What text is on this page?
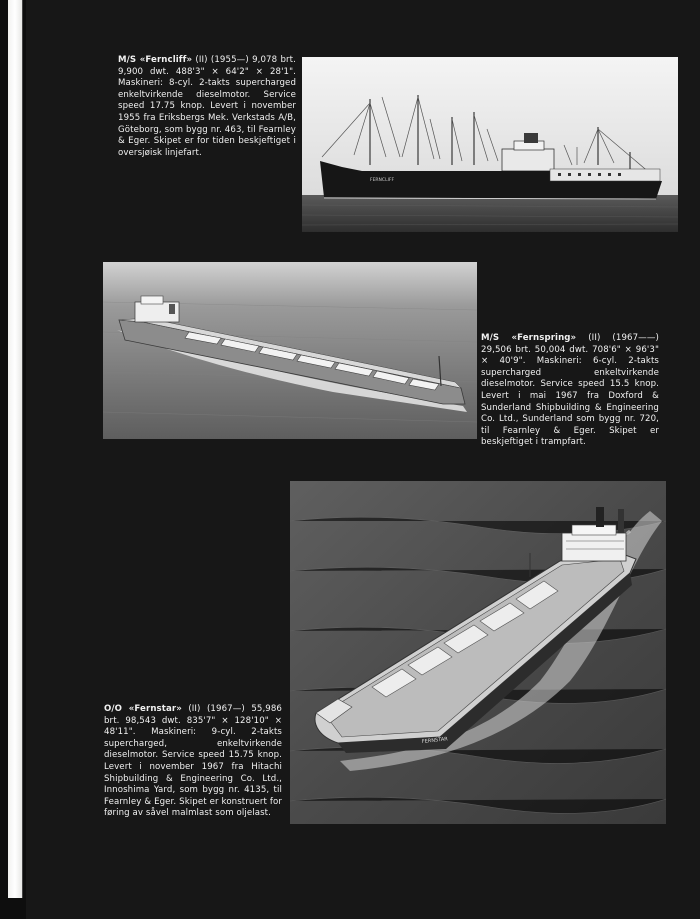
M/S «Ferncliff» (II) (1955—) 9,078 brt. 9,900 dwt. 488'3" × 64'2" × 28'1". Maskineri: 8-cyl. 2-takts supercharged enkeltvirkende dieselmotor. Service speed 17.75 knop. Levert i november 1955 fra Eriksbergs Mek. Verkstads A/B, Göteborg, som bygg nr. 463, til Fearnley & Eger. Skipet er for tiden beskjeftiget i oversjøisk linjefart.
FERNCLIFF
M/S «Fernspring» (II) (1967——) 29,506 brt. 50,004 dwt. 708'6" × 96'3" × 40'9". Maskineri: 6-cyl. 2-takts supercharged enkeltvirkende dieselmotor. Service speed 15.5 knop. Levert i mai 1967 fra Doxford & Sunderland Shipbuilding & Engineering Co. Ltd., Sunderland som bygg nr. 720, til Fearnley & Eger. Skipet er beskjeftiget i trampfart.
FERNSTAR
O/O «Fernstar» (II) (1967—) 55,986 brt. 98,543 dwt. 835'7" × 128'10" × 48'11". Maskineri: 9-cyl. 2-takts supercharged, enkeltvirkende dieselmotor. Service speed 15.75 knop. Levert i november 1967 fra Hitachi Shipbuilding & Engineering Co. Ltd., Innoshima Yard, som bygg nr. 4135, til Fearnley & Eger. Skipet er konstruert for føring av såvel malmlast som oljelast.
